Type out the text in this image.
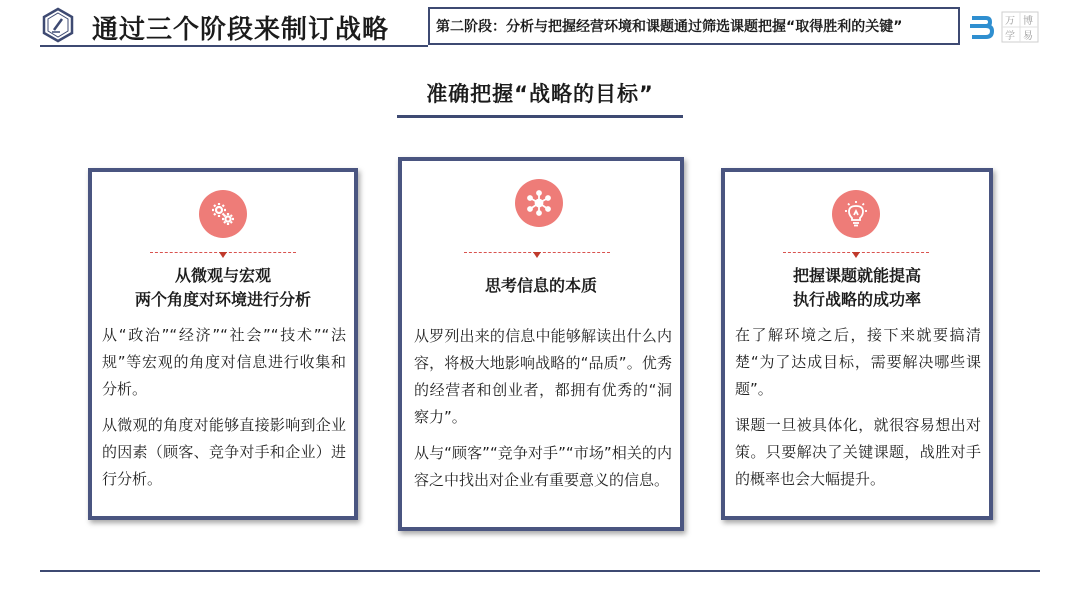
通过三个阶段来制订战略	第二阶段：分析与把握经营环境和课题通过筛选课题把握“取得胜利的关键”	万 博
学 易
准确把握“战略的目标”
从微观与宏观
两个角度对环境进行分析

从“政治”“经济”“社会”“技术”“法规”等宏观的角度对信息进行收集和分析。

从微观的角度对能够直接影响到企业的因素（顾客、竞争对手和企业）进行分析。

思考信息的本质

从罗列出来的信息中能够解读出什么内容，将极大地影响战略的“品质”。优秀的经营者和创业者，都拥有优秀的“洞察力”。

从与“顾客”“竞争对手”“市场”相关的内容之中找出对企业有重要意义的信息。

把握课题就能提高
执行战略的成功率

在了解环境之后，接下来就要搞清楚“为了达成目标，需要解决哪些课题”。

课题一旦被具体化，就很容易想出对策。只要解决了关键课题，战胜对手的概率也会大幅提升。
